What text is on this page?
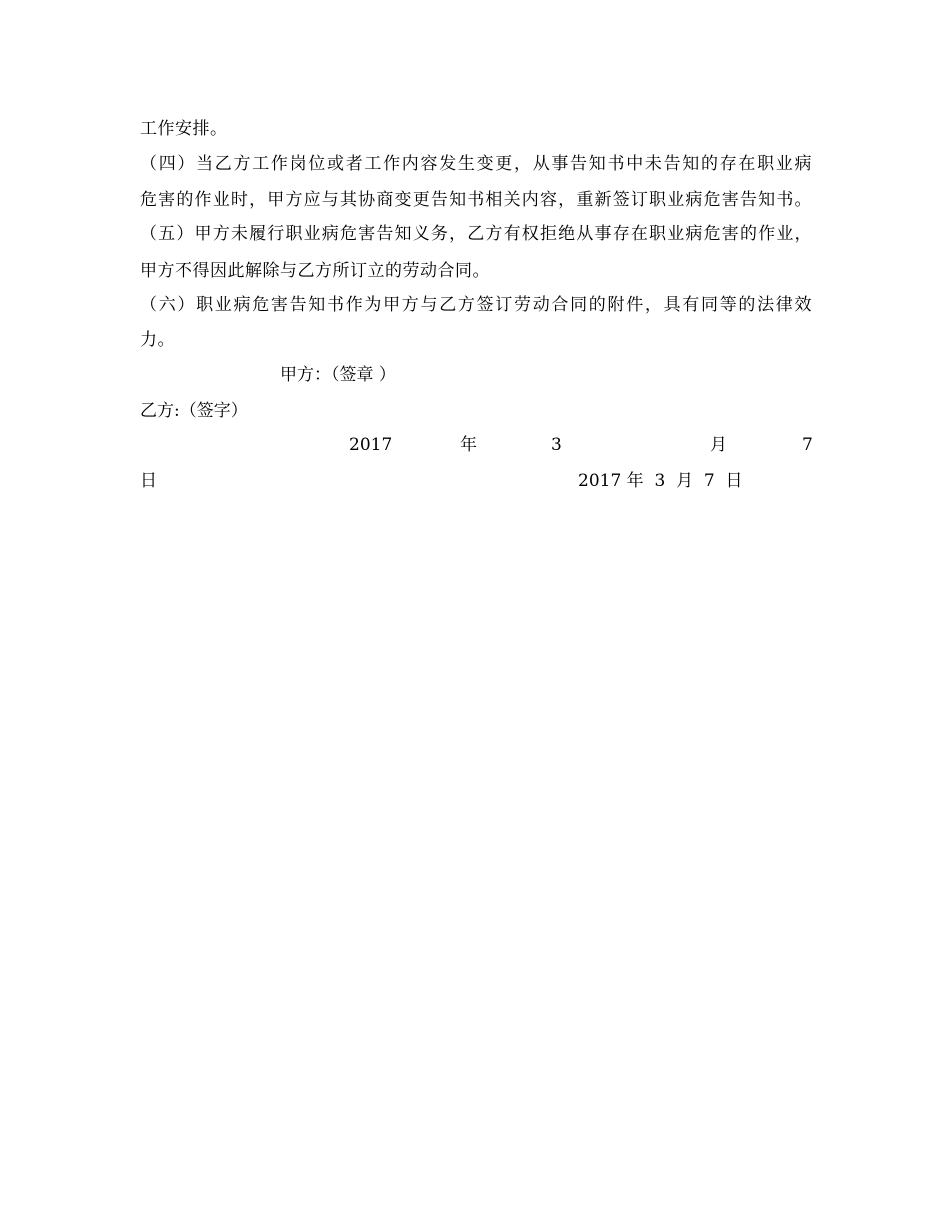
工作安排。
（四）当乙方工作岗位或者工作内容发生变更，从事告知书中未告知的存在职业病
危害的作业时，甲方应与其协商变更告知书相关内容，重新签订职业病危害告知书。
（五）甲方未履行职业病危害告知义务，乙方有权拒绝从事存在职业病危害的作业，
甲方不得因此解除与乙方所订立的劳动合同。
（六）职业病危害告知书作为甲方与乙方签订劳动合同的附件，具有同等的法律效
力。
甲方：（签章 ）
乙方:（签字）
2017	年	3	月	7
日	2017 年  3  月  7  日
